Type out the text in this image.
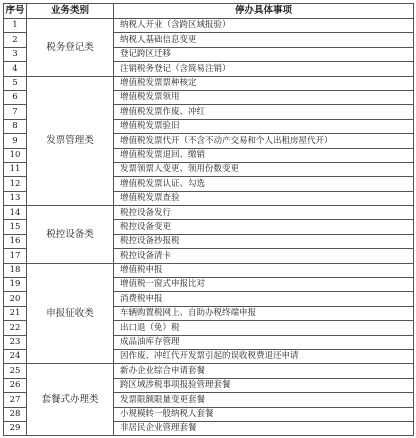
序号	业务类别	停办具体事项
1	税务登记类	纳税人开业（含跨区域报验）
2		纳税人基础信息变更
3		登记跨区迁移
4		注销税务登记（含简易注销）
5	发票管理类	增值税发票票种核定
6		增值税发票领用
7		增值税发票作废、冲红
8		增值税发票验旧
9		增值税发票代开（不含不动产交易和个人出租房屋代开）
10		增值税发票退回、缴销
11		发票领票人变更、领用份数变更
12		增值税发票认证、勾选
13		增值税发票查验
14	税控设备类	税控设备发行
15		税控设备变更
16		税控设备抄报税
17		税控设备清卡
18	申报征收类	增值税申报
19		增值税一窗式申报比对
20		消费税申报
21		车辆购置税网上、自助办税终端申报
22		出口退（免）税
23		成品油库存管理
24		因作废、冲红代开发票引起的误收税费退还申请
25	套餐式办理类	新办企业综合申请套餐
26		跨区域涉税事项报验管理套餐
27		发票限额限量变更套餐
28		小规模转一般纳税人套餐
29		非居民企业管理套餐
